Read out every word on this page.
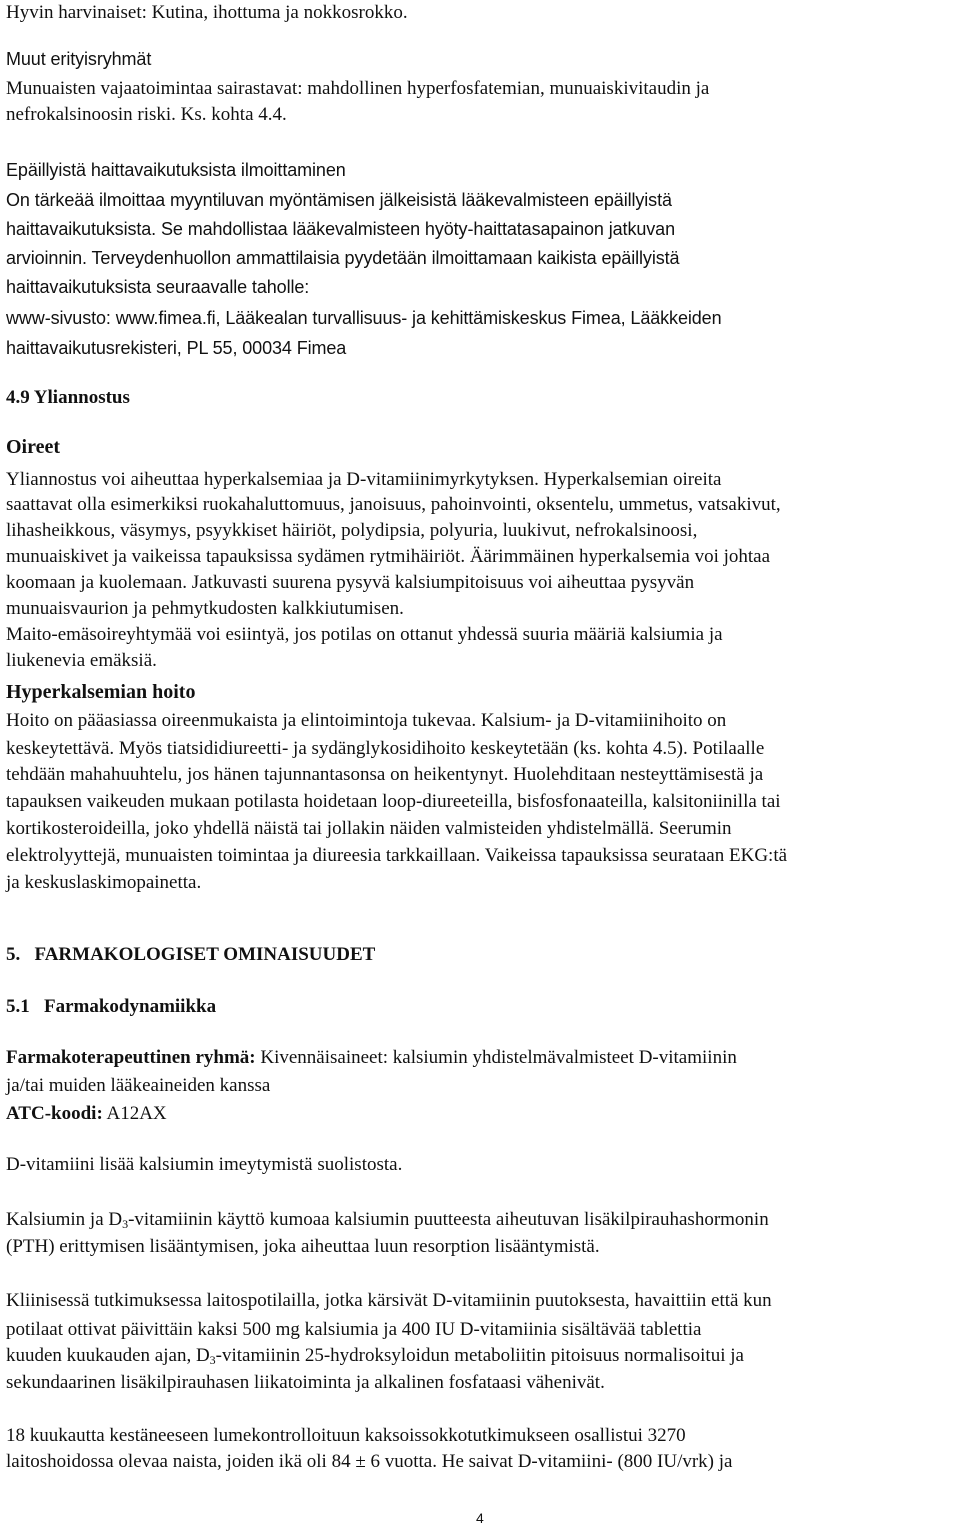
Hyvin harvinaiset: Kutina, ihottuma ja nokkosrokko.
Muut erityisryhmät
Munuaisten vajaatoimintaa sairastavat: mahdollinen hyperfosfatemian, munuaiskivitaudin ja
nefrokalsinoosin riski. Ks. kohta 4.4.
Epäillyistä haittavaikutuksista ilmoittaminen
On tärkeää ilmoittaa myyntiluvan myöntämisen jälkeisistä lääkevalmisteen epäillyistä
haittavaikutuksista. Se mahdollistaa lääkevalmisteen hyöty-haittatasapainon jatkuvan
arvioinnin. Terveydenhuollon ammattilaisia pyydetään ilmoittamaan kaikista epäillyistä
haittavaikutuksista seuraavalle taholle:
www-sivusto: www.fimea.fi, Lääkealan turvallisuus- ja kehittämiskeskus Fimea, Lääkkeiden
haittavaikutusrekisteri, PL 55, 00034 Fimea
4.9 Yliannostus
Oireet
Yliannostus voi aiheuttaa hyperkalsemiaa ja D-vitamiinimyrkytyksen. Hyperkalsemian oireita
saattavat olla esimerkiksi ruokahaluttomuus, janoisuus, pahoinvointi, oksentelu, ummetus, vatsakivut,
lihasheikkous, väsymys, psyykkiset häiriöt, polydipsia, polyuria, luukivut, nefrokalsinoosi,
munuaiskivet ja vaikeissa tapauksissa sydämen rytmihäiriöt. Äärimmäinen hyperkalsemia voi johtaa
koomaan ja kuolemaan. Jatkuvasti suurena pysyvä kalsiumpitoisuus voi aiheuttaa pysyvän
munuaisvaurion ja pehmytkudosten kalkkiutumisen.
Maito-emäsoireyhtymää voi esiintyä, jos potilas on ottanut yhdessä suuria määriä kalsiumia ja
liukenevia emäksiä.
Hyperkalsemian hoito
Hoito on pääasiassa oireenmukaista ja elintoimintoja tukevaa. Kalsium- ja D-vitamiinihoito on
keskeytettävä. Myös tiatsididiureetti- ja sydänglykosidihoito keskeytetään (ks. kohta 4.5). Potilaalle
tehdään mahahuuhtelu, jos hänen tajunnantasonsa on heikentynyt. Huolehditaan nesteyttämisestä ja
tapauksen vaikeuden mukaan potilasta hoidetaan loop-diureeteilla, bisfosfonaateilla, kalsitoniinilla tai
kortikosteroideilla, joko yhdellä näistä tai jollakin näiden valmisteiden yhdistelmällä. Seerumin
elektrolyyttejä, munuaisten toimintaa ja diureesia tarkkaillaan. Vaikeissa tapauksissa seurataan EKG:tä
ja keskuslaskimopainetta.
5.   FARMAKOLOGISET OMINAISUUDET
5.1   Farmakodynamiikka
Farmakoterapeuttinen ryhmä: Kivennäisaineet: kalsiumin yhdistelmävalmisteet D-vitamiinin
ja/tai muiden lääkeaineiden kanssa
ATC-koodi: A12AX
D-vitamiini lisää kalsiumin imeytymistä suolistosta.
Kalsiumin ja $D_3$-vitamiinin käyttö kumoaa kalsiumin puutteesta aiheutuvan lisäkilpirauhashormonin
(PTH) erittymisen lisääntymisen, joka aiheuttaa luun resorption lisääntymistä.
Kliinisessä tutkimuksessa laitospotilailla, jotka kärsivät D-vitamiinin puutoksesta, havaittiin että kun
potilaat ottivat päivittäin kaksi 500 mg kalsiumia ja 400 IU D-vitamiinia sisältävää tablettia
kuuden kuukauden ajan, $D_3$-vitamiinin 25-hydroksyloidun metaboliitin pitoisuus normalisoitui ja
sekundaarinen lisäkilpirauhasen liikatoiminta ja alkalinen fosfataasi vähenivät.
18 kuukautta kestäneeseen lumekontrolloituun kaksoissokkotutkimukseen osallistui 3270
laitoshoidossa olevaa naista, joiden ikä oli 84 ± 6 vuotta. He saivat D-vitamiini- (800 IU/vrk) ja
4
